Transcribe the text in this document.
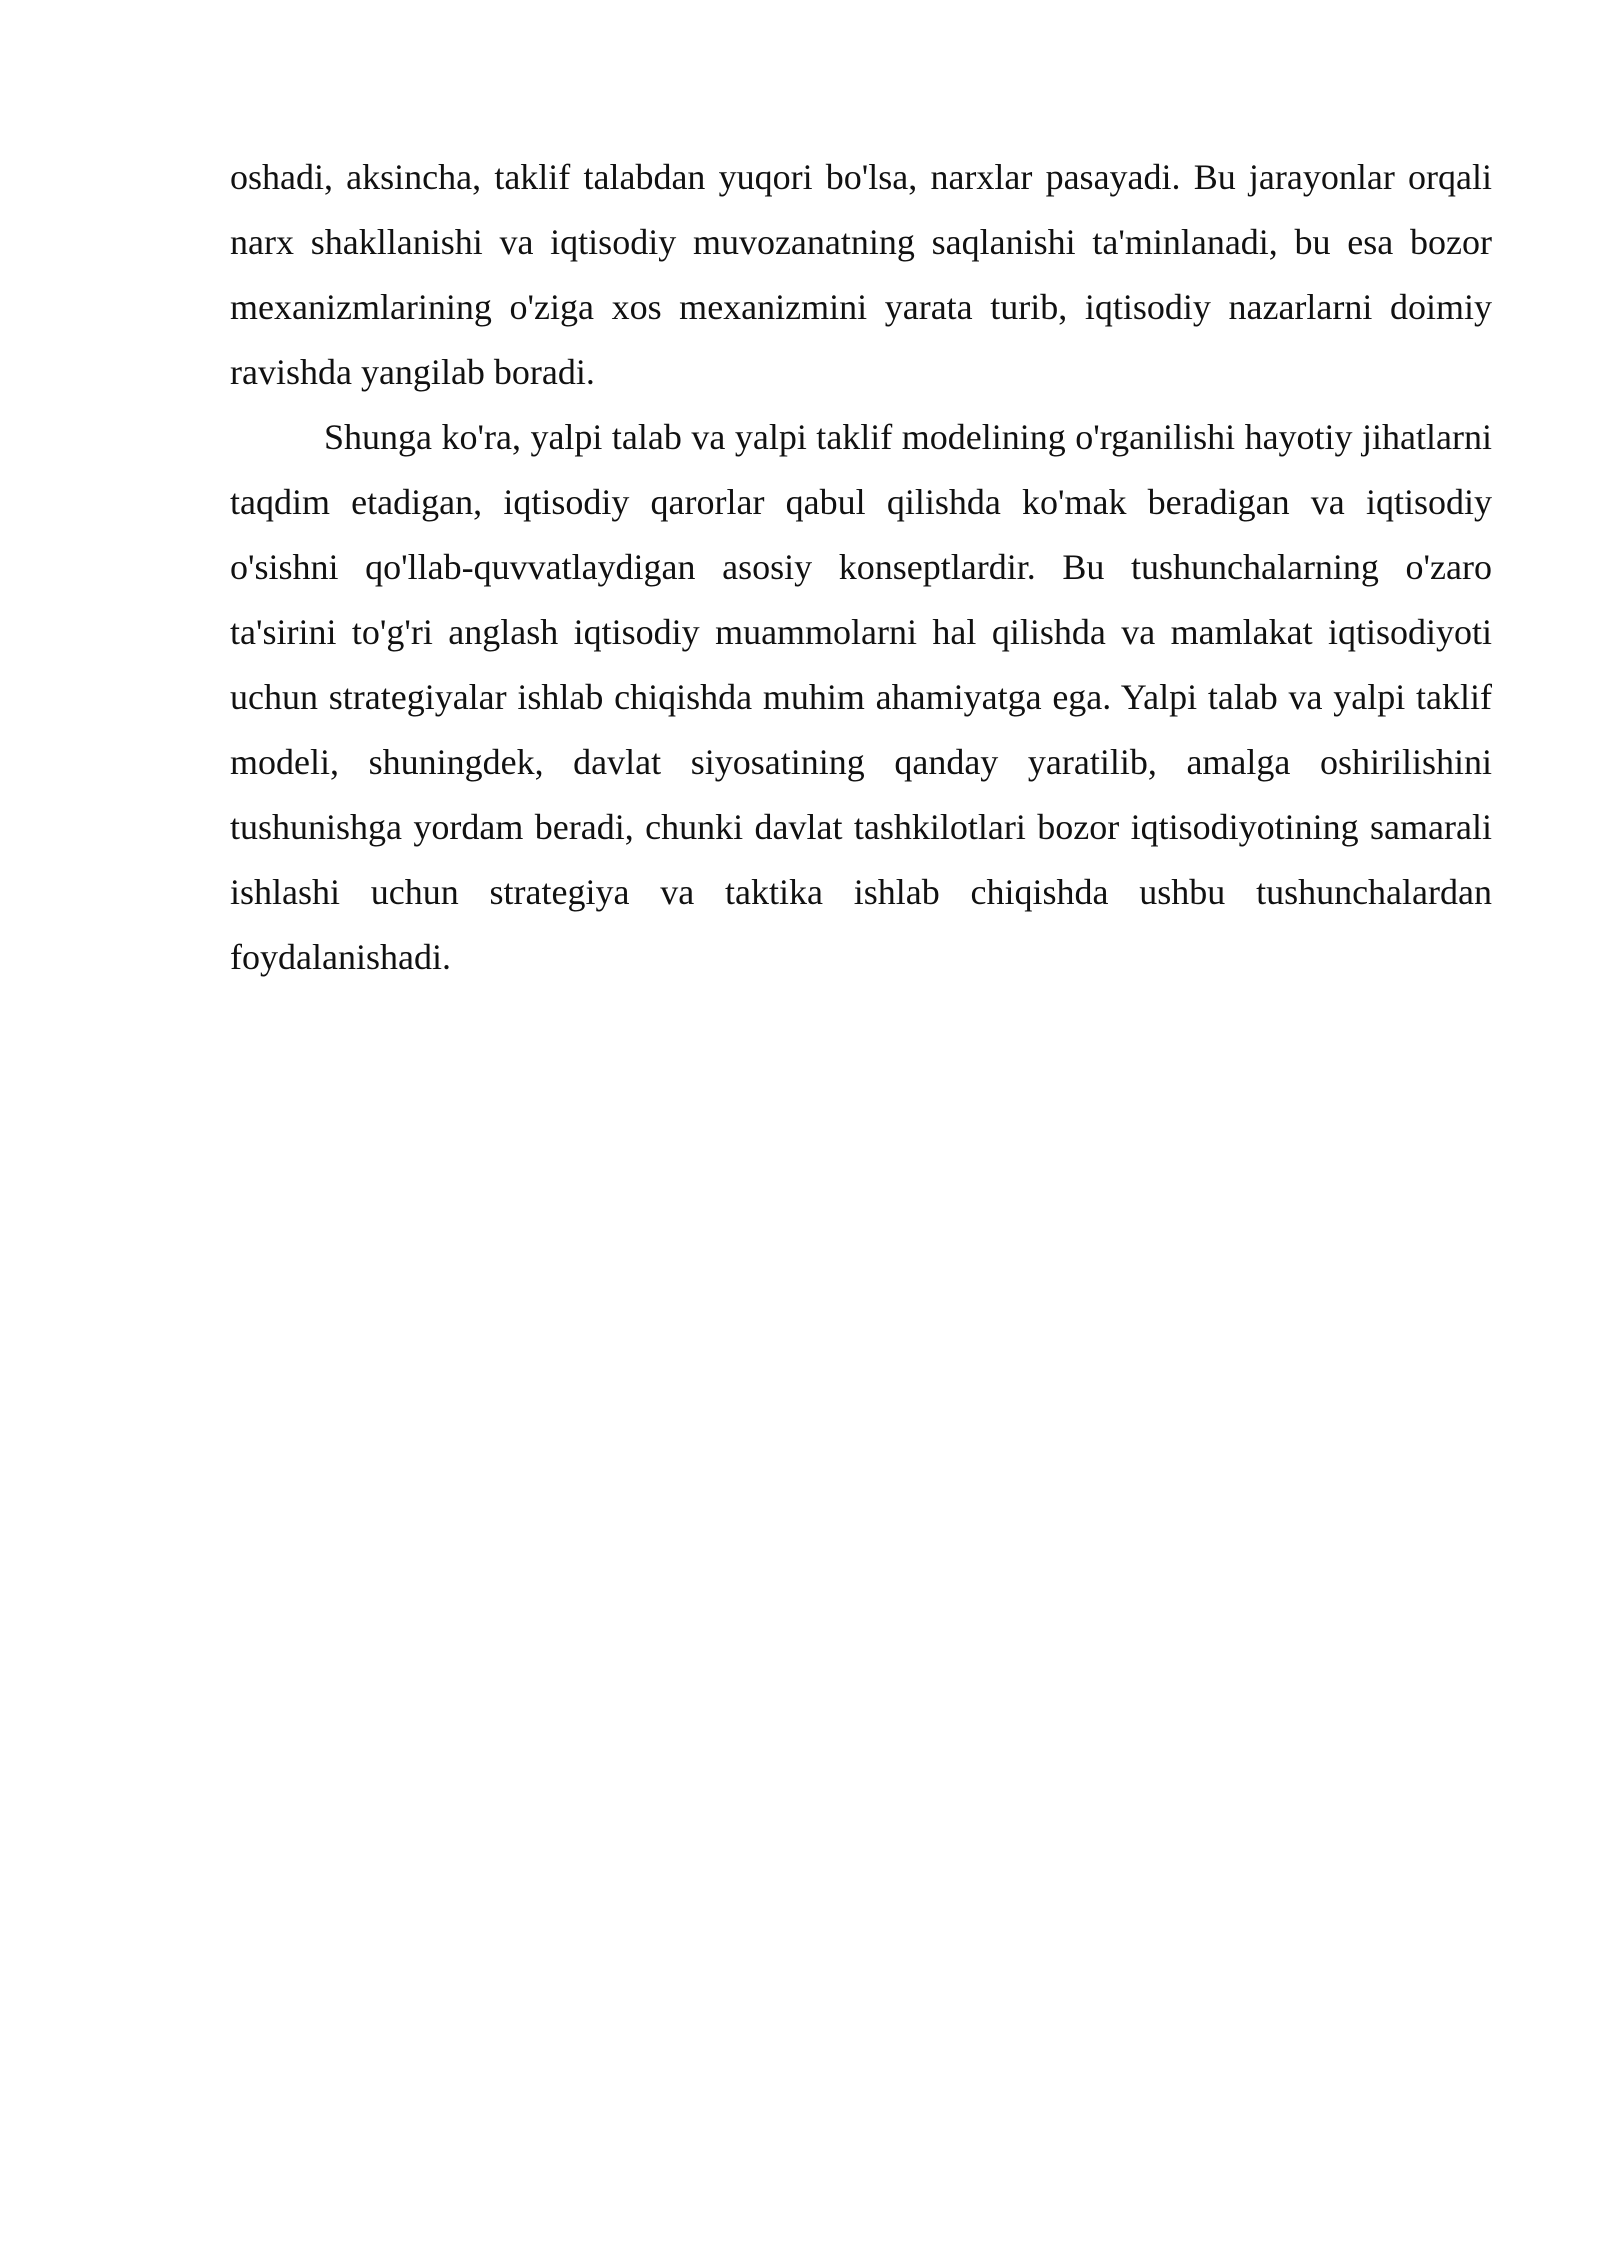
oshadi, aksincha, taklif talabdan yuqori bo'lsa, narxlar pasayadi. Bu jarayonlar orqali narx shakllanishi va iqtisodiy muvozanatning saqlanishi ta'minlanadi, bu esa bozor mexanizmlarining o'ziga xos mexanizmini yarata turib, iqtisodiy nazarlarni doimiy ravishda yangilab boradi.

Shunga ko'ra, yalpi talab va yalpi taklif modelining o'rganilishi hayotiy jihatlarni taqdim etadigan, iqtisodiy qarorlar qabul qilishda ko'mak beradigan va iqtisodiy o'sishni qo'llab-quvvatlaydigan asosiy konseptlardir. Bu tushunchalarning o'zaro ta'sirini to'g'ri anglash iqtisodiy muammolarni hal qilishda va mamlakat iqtisodiyoti uchun strategiyalar ishlab chiqishda muhim ahamiyatga ega. Yalpi talab va yalpi taklif modeli, shuningdek, davlat siyosatining qanday yaratilib, amalga oshirilishini tushunishga yordam beradi, chunki davlat tashkilotlari bozor iqtisodiyotining samarali ishlashi uchun strategiya va taktika ishlab chiqishda ushbu tushunchalardan foydalanishadi.
